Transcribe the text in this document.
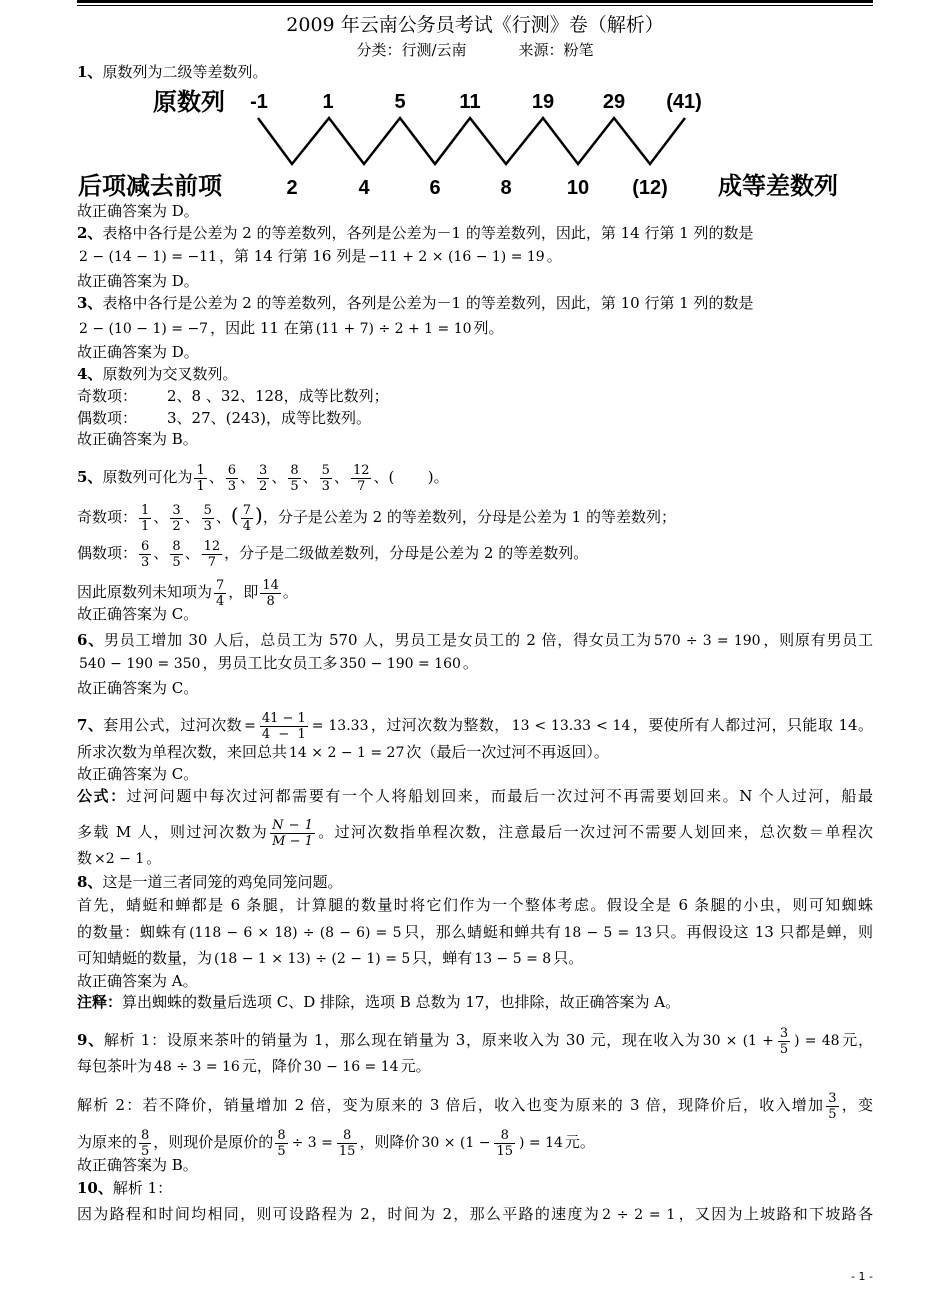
2009 年云南公务员考试《行测》卷（解析）
分类：行测/云南	来源：粉笔
1、原数列为二级等差数列。
原数列 -1	1	5	11	19 29 (41)
后项减去前项	2	4	6	8	10 (12) 成等差数列
故正确答案为 D。
2、表格中各行是公差为 2 的等差数列，各列是公差为－1 的等差数列，因此，第 14 行第 1 列的数是
2 − (14 − 1) = −11 ，第 14 行第 16 列是 −11 + 2 × (16 − 1) = 19 。
故正确答案为 D。
3、表格中各行是公差为 2 的等差数列，各列是公差为－1 的等差数列，因此，第 10 行第 1 列的数是
2 − (10 − 1) = −7 ，因此 11 在第 (11 + 7) ÷ 2 + 1 = 10 列。
故正确答案为 D。
4、原数列为交叉数列。
奇数项： 2、8 、32、128，成等比数列；
偶数项： 3、27、(243)，成等比数列。
故正确答案为 B。
5、原数列可化为 $\frac{1}{1}$ 、 $\frac{6}{3}$ 、 $\frac{3}{2}$ 、 $\frac{8}{5}$ 、 $\frac{5}{3}$ 、 $\frac{12}{7}$ 、(       )。
奇数项： $\frac{1}{1}$ 、 $\frac{3}{2}$ 、 $\frac{5}{3}$ 、( $\frac{7}{4}$ )，分子是公差为 2 的等差数列，分母是公差为 1 的等差数列；
偶数项： $\frac{6}{3}$ 、 $\frac{8}{5}$ 、 $\frac{12}{7}$ ，分子是二级做差数列，分母是公差为 2 的等差数列。
因此原数列未知项为 $\frac{7}{4}$ ，即 $\frac{14}{8}$ 。
故正确答案为 C。
6、男员工增加 30 人后，总员工为 570 人，男员工是女员工的 2 倍，得女员工为 570 ÷ 3 = 190 ，则原有男员工
540 − 190 = 350 ，男员工比女员工多 350 − 190 = 160 。
故正确答案为 C。
7、套用公式，过河次数 = $\frac{41 - 1}{4 - 1} = 13.33$ ，过河次数为整数， 13 < 13.33 < 14 ，要使所有人都过河，只能取 14。
所求次数为单程次数，来回总共 14 × 2 − 1 = 27 次（最后一次过河不再返回）。
故正确答案为 C。
公式：过河问题中每次过河都需要有一个人将船划回来，而最后一次过河不再需要划回来。N 个人过河，船最
多载 M 人，则过河次数为 $\frac{N - 1}{M - 1}$ 。过河次数指单程次数，注意最后一次过河不需要人划回来，总次数＝单程次
数 ×2 − 1 。
8、这是一道三者同笼的鸡兔同笼问题。
首先，蜻蜓和蝉都是 6 条腿，计算腿的数量时将它们作为一个整体考虑。假设全是 6 条腿的小虫，则可知蜘蛛
的数量：蜘蛛有 (118 − 6 × 18) ÷ (8 − 6) = 5 只，那么蜻蜓和蝉共有 18 − 5 = 13 只。再假设这 13 只都是蝉，则
可知蜻蜓的数量，为 (18 − 1 × 13) ÷ (2 − 1) = 5 只，蝉有 13 − 5 = 8 只。
故正确答案为 A。
注释：算出蜘蛛的数量后选项 C、D 排除，选项 B 总数为 17，也排除，故正确答案为 A。
9、解析 1：设原来茶叶的销量为 1，那么现在销量为 3，原来收入为 30 元，现在收入为 $30 \times (1 + \frac{3}{5}$ ) = 48 元，
每包茶叶为 48 ÷ 3 = 16 元，降价 30 − 16 = 14 元。
解析 2：若不降价，销量增加 2 倍，变为原来的 3 倍后，收入也变为原来的 3 倍，现降价后，收入增加 $\frac{3}{5}$ ，变
为原来的 $\frac{8}{5}$ ，则现价是原价的 $\frac{8}{5} \div 3 = \frac{8}{15}$ ，则降价 $30 \times (1 - \frac{8}{15}$ ) = 14 元。
故正确答案为 B。
10、解析 1：
因为路程和时间均相同，则可设路程为 2，时间为 2，那么平路的速度为 2 ÷ 2 = 1 ，又因为上坡路和下坡路各
- 1 -
